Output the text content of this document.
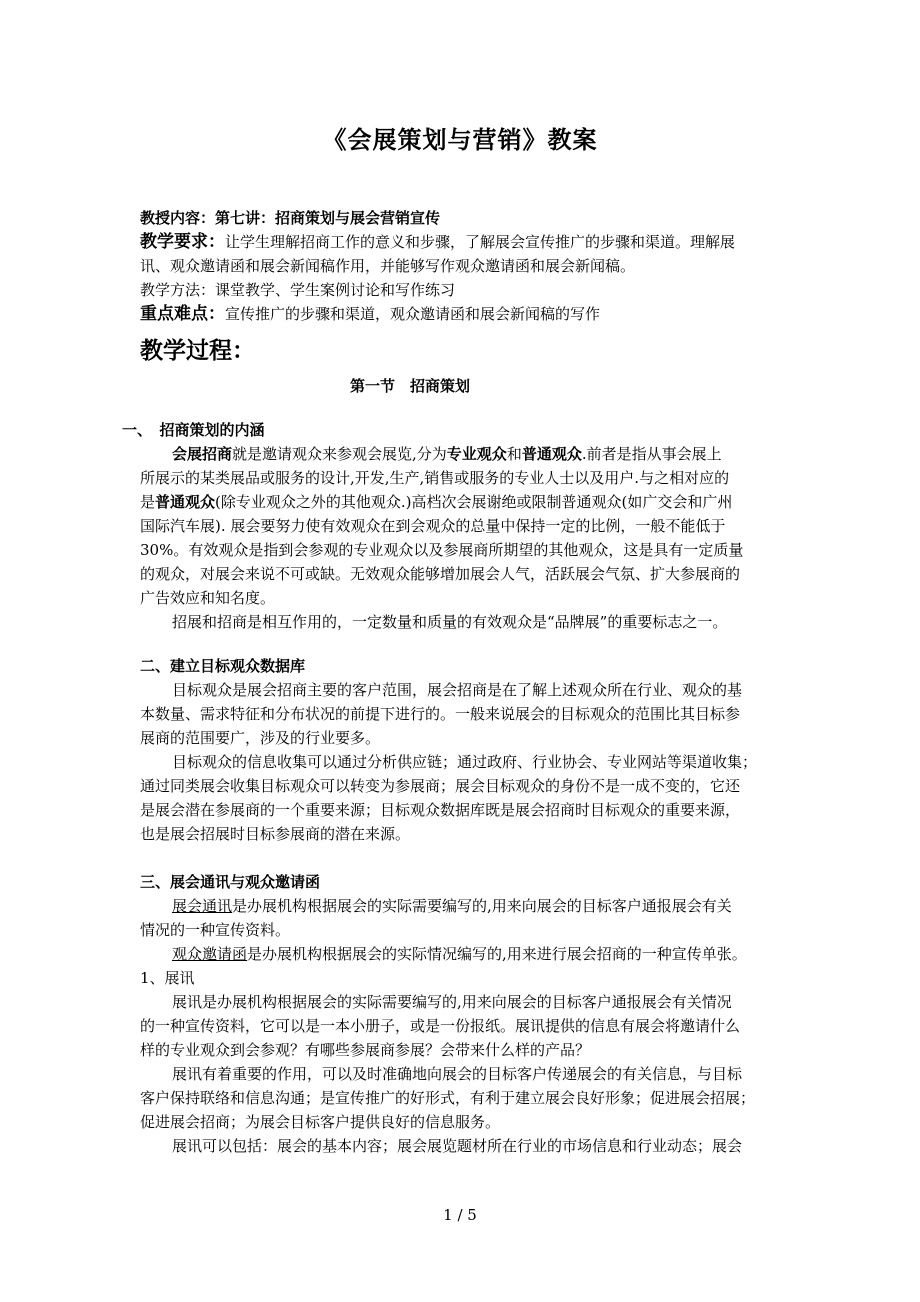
《会展策划与营销》教案
教授内容：第七讲：招商策划与展会营销宣传
教学要求：让学生理解招商工作的意义和步骤，了解展会宣传推广的步骤和渠道。理解展
讯、观众邀请函和展会新闻稿作用，并能够写作观众邀请函和展会新闻稿。
教学方法：课堂教学、学生案例讨论和写作练习
重点难点：宣传推广的步骤和渠道，观众邀请函和展会新闻稿的写作
教学过程：
第一节　招商策划
一、　招商策划的内涵
会展招商就是邀请观众来参观会展览,分为专业观众和普通观众.前者是指从事会展上
所展示的某类展品或服务的设计,开发,生产,销售或服务的专业人士以及用户.与之相对应的
是普通观众(除专业观众之外的其他观众.)高档次会展谢绝或限制普通观众(如广交会和广州
国际汽车展). 展会要努力使有效观众在到会观众的总量中保持一定的比例，一般不能低于
30%。有效观众是指到会参观的专业观众以及参展商所期望的其他观众，这是具有一定质量
的观众，对展会来说不可或缺。无效观众能够增加展会人气，活跃展会气氛、扩大参展商的
广告效应和知名度。
招展和招商是相互作用的，一定数量和质量的有效观众是“品牌展”的重要标志之一。
二、建立目标观众数据库
目标观众是展会招商主要的客户范围，展会招商是在了解上述观众所在行业、观众的基
本数量、需求特征和分布状况的前提下进行的。一般来说展会的目标观众的范围比其目标参
展商的范围要广，涉及的行业要多。
目标观众的信息收集可以通过分析供应链；通过政府、行业协会、专业网站等渠道收集；
通过同类展会收集目标观众可以转变为参展商；展会目标观众的身份不是一成不变的，它还
是展会潜在参展商的一个重要来源；目标观众数据库既是展会招商时目标观众的重要来源，
也是展会招展时目标参展商的潜在来源。
三、展会通讯与观众邀请函
展会通讯是办展机构根据展会的实际需要编写的,用来向展会的目标客户通报展会有关
情况的一种宣传资料。
观众邀请函是办展机构根据展会的实际情况编写的,用来进行展会招商的一种宣传单张。
1、展讯
展讯是办展机构根据展会的实际需要编写的,用来向展会的目标客户通报展会有关情况
的一种宣传资料，它可以是一本小册子，或是一份报纸。展讯提供的信息有展会将邀请什么
样的专业观众到会参观？有哪些参展商参展？会带来什么样的产品？
展讯有着重要的作用，可以及时准确地向展会的目标客户传递展会的有关信息，与目标
客户保持联络和信息沟通；是宣传推广的好形式，有利于建立展会良好形象；促进展会招展；
促进展会招商；为展会目标客户提供良好的信息服务。
展讯可以包括：展会的基本内容；展会展览题材所在行业的市场信息和行业动态；展会
1 / 5
